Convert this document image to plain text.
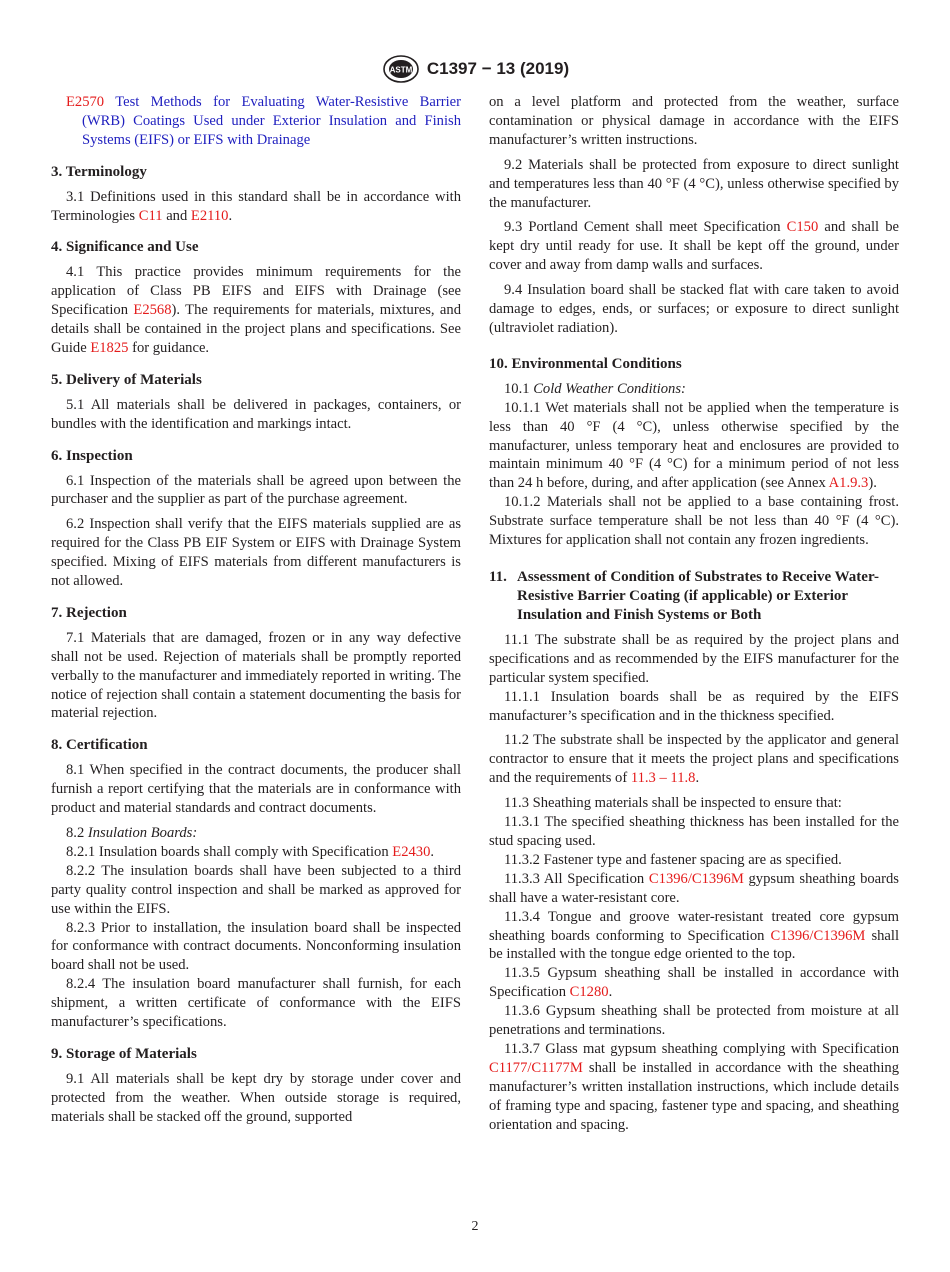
ASTM C1397 − 13 (2019)

E2570 Test Methods for Evaluating Water-Resistive Barrier (WRB) Coatings Used under Exterior Insulation and Finish Systems (EIFS) or EIFS with Drainage

3. Terminology

3.1 Definitions used in this standard shall be in accordance with Terminologies C11 and E2110.

4. Significance and Use

4.1 This practice provides minimum requirements for the application of Class PB EIFS and EIFS with Drainage (see Specification E2568). The requirements for materials, mixtures, and details shall be contained in the project plans and specifications. See Guide E1825 for guidance.

5. Delivery of Materials

5.1 All materials shall be delivered in packages, containers, or bundles with the identification and markings intact.

6. Inspection

6.1 Inspection of the materials shall be agreed upon between the purchaser and the supplier as part of the purchase agreement.

6.2 Inspection shall verify that the EIFS materials supplied are as required for the Class PB EIF System or EIFS with Drainage System specified. Mixing of EIFS materials from different manufacturers is not allowed.

7. Rejection

7.1 Materials that are damaged, frozen or in any way defective shall not be used. Rejection of materials shall be promptly reported verbally to the manufacturer and immediately reported in writing. The notice of rejection shall contain a statement documenting the basis for material rejection.

8. Certification

8.1 When specified in the contract documents, the producer shall furnish a report certifying that the materials are in conformance with product and material standards and contract documents.

8.2 Insulation Boards:

8.2.1 Insulation boards shall comply with Specification E2430.

8.2.2 The insulation boards shall have been subjected to a third party quality control inspection and shall be marked as approved for use within the EIFS.

8.2.3 Prior to installation, the insulation board shall be inspected for conformance with contract documents. Nonconforming insulation board shall not be used.

8.2.4 The insulation board manufacturer shall furnish, for each shipment, a written certificate of conformance with the EIFS manufacturer’s specifications.

9. Storage of Materials

9.1 All materials shall be kept dry by storage under cover and protected from the weather. When outside storage is required, materials shall be stacked off the ground, supported

on a level platform and protected from the weather, surface contamination or physical damage in accordance with the EIFS manufacturer’s written instructions.

9.2 Materials shall be protected from exposure to direct sunlight and temperatures less than 40 °F (4 °C), unless otherwise specified by the manufacturer.

9.3 Portland Cement shall meet Specification C150 and shall be kept dry until ready for use. It shall be kept off the ground, under cover and away from damp walls and surfaces.

9.4 Insulation board shall be stacked flat with care taken to avoid damage to edges, ends, or surfaces; or exposure to direct sunlight (ultraviolet radiation).

10. Environmental Conditions

10.1 Cold Weather Conditions:

10.1.1 Wet materials shall not be applied when the temperature is less than 40 °F (4 °C), unless otherwise specified by the manufacturer, unless temporary heat and enclosures are provided to maintain minimum 40 °F (4 °C) for a minimum period of not less than 24 h before, during, and after application (see Annex A1.9.3).

10.1.2 Materials shall not be applied to a base containing frost. Substrate surface temperature shall be not less than 40 °F (4 °C). Mixtures for application shall not contain any frozen ingredients.

11. Assessment of Condition of Substrates to Receive Water-Resistive Barrier Coating (if applicable) or Exterior Insulation and Finish Systems or Both

11.1 The substrate shall be as required by the project plans and specifications and as recommended by the EIFS manufacturer for the particular system specified.

11.1.1 Insulation boards shall be as required by the EIFS manufacturer’s specification and in the thickness specified.

11.2 The substrate shall be inspected by the applicator and general contractor to ensure that it meets the project plans and specifications and the requirements of 11.3 – 11.8.

11.3 Sheathing materials shall be inspected to ensure that:

11.3.1 The specified sheathing thickness has been installed for the stud spacing used.

11.3.2 Fastener type and fastener spacing are as specified.

11.3.3 All Specification C1396/C1396M gypsum sheathing boards shall have a water-resistant core.

11.3.4 Tongue and groove water-resistant treated core gypsum sheathing boards conforming to Specification C1396/C1396M shall be installed with the tongue edge oriented to the top.

11.3.5 Gypsum sheathing shall be installed in accordance with Specification C1280.

11.3.6 Gypsum sheathing shall be protected from moisture at all penetrations and terminations.

11.3.7 Glass mat gypsum sheathing complying with Specification C1177/C1177M shall be installed in accordance with the sheathing manufacturer’s written installation instructions, which include details of framing type and spacing, fastener type and spacing, and sheathing orientation and spacing.

2
